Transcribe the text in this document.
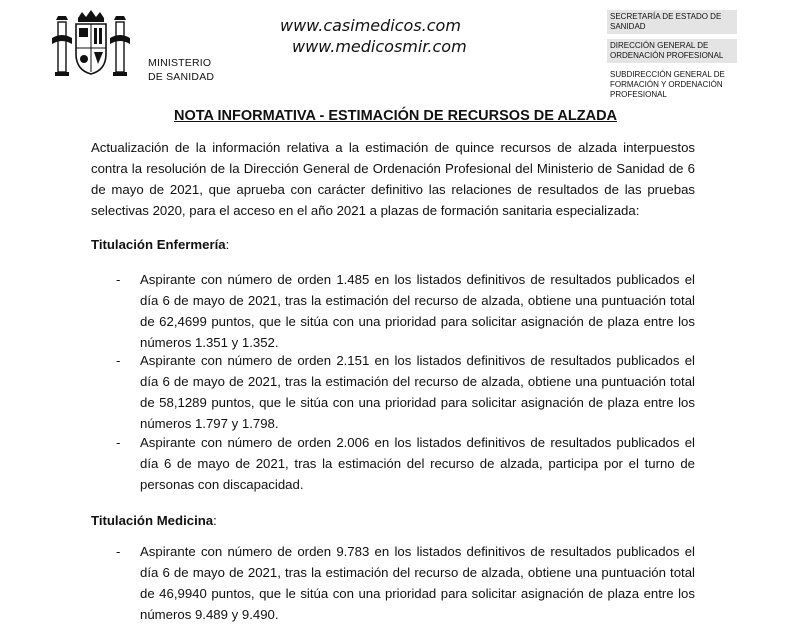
MINISTERIO
DE SANIDAD
www.casimedicos.com
www.medicosmir.com
SECRETARÍA DE ESTADO DE SANIDAD
DIRECCIÓN GENERAL DE ORDENACIÓN PROFESIONAL
SUBDIRECCIÓN GENERAL DE FORMACIÓN Y ORDENACIÓN PROFESIONAL
NOTA INFORMATIVA - ESTIMACIÓN DE RECURSOS DE ALZADA
Actualización de la información relativa a la estimación de quince recursos de alzada interpuestos contra la resolución de la Dirección General de Ordenación Profesional del Ministerio de Sanidad de 6 de mayo de 2021, que aprueba con carácter definitivo las relaciones de resultados de las pruebas selectivas 2020, para el acceso en el año 2021 a plazas de formación sanitaria especializada:
Titulación Enfermería:
- Aspirante con número de orden 1.485 en los listados definitivos de resultados publicados el día 6 de mayo de 2021, tras la estimación del recurso de alzada, obtiene una puntuación total de 62,4699 puntos, que le sitúa con una prioridad para solicitar asignación de plaza entre los números 1.351 y 1.352.
- Aspirante con número de orden 2.151 en los listados definitivos de resultados publicados el día 6 de mayo de 2021, tras la estimación del recurso de alzada, obtiene una puntuación total de 58,1289 puntos, que le sitúa con una prioridad para solicitar asignación de plaza entre los números 1.797 y 1.798.
- Aspirante con número de orden 2.006 en los listados definitivos de resultados publicados el día 6 de mayo de 2021, tras la estimación del recurso de alzada, participa por el turno de personas con discapacidad.
Titulación Medicina:
- Aspirante con número de orden 9.783 en los listados definitivos de resultados publicados el día 6 de mayo de 2021, tras la estimación del recurso de alzada, obtiene una puntuación total de 46,9940 puntos, que le sitúa con una prioridad para solicitar asignación de plaza entre los números 9.489 y 9.490.
